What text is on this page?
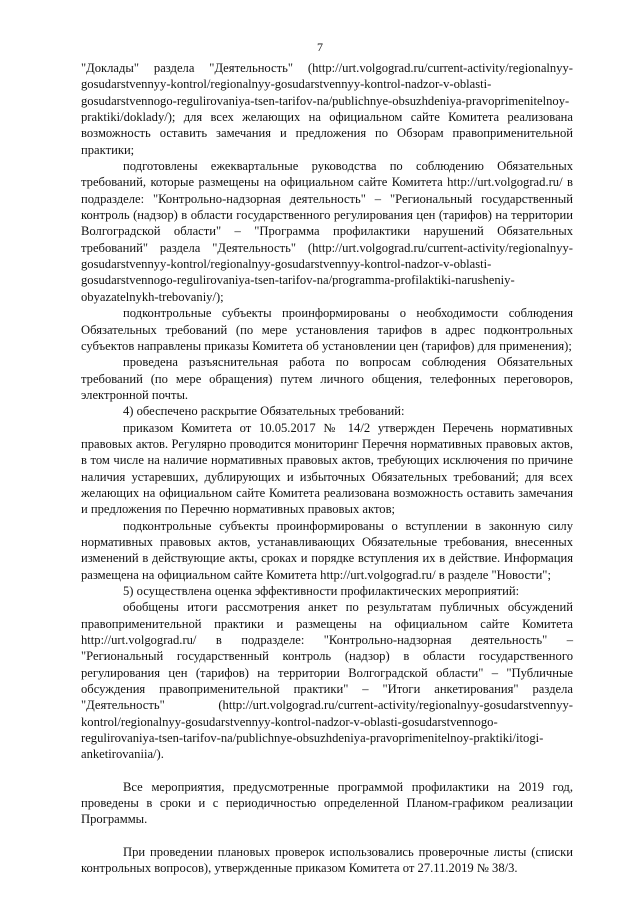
7

"Доклады" раздела "Деятельность" (http://urt.volgograd.ru/current-activity/regionalnyy-gosudarstvennyy-kontrol/regionalnyy-gosudarstvennyy-kontrol-nadzor-v-oblasti-gosudarstvennogo-regulirovaniya-tsen-tarifov-na/publichnye-obsuzhdeniya-pravoprimenitelnoy-praktiki/doklady/); для всех желающих на официальном сайте Комитета реализована возможность оставить замечания и предложения по Обзорам правоприменительной практики;

подготовлены ежеквартальные руководства по соблюдению Обязательных требований, которые размещены на официальном сайте Комитета http://urt.volgograd.ru/ в подразделе: "Контрольно-надзорная деятельность" – "Региональный государственный контроль (надзор) в области государственного регулирования цен (тарифов) на территории Волгоградской области" – "Программа профилактики нарушений Обязательных требований" раздела "Деятельность" (http://urt.volgograd.ru/current-activity/regionalnyy-gosudarstvennyy-kontrol/regionalnyy-gosudarstvennyy-kontrol-nadzor-v-oblasti-gosudarstvennogo-regulirovaniya-tsen-tarifov-na/programma-profilaktiki-narusheniy-obyazatelnykh-trebovaniy/);

подконтрольные субъекты проинформированы о необходимости соблюдения Обязательных требований (по мере установления тарифов в адрес подконтрольных субъектов направлены приказы Комитета об установлении цен (тарифов) для применения);

проведена разъяснительная работа по вопросам соблюдения Обязательных требований (по мере обращения) путем личного общения, телефонных переговоров, электронной почты.

4) обеспечено раскрытие Обязательных требований:

приказом Комитета от 10.05.2017 № 14/2 утвержден Перечень нормативных правовых актов. Регулярно проводится мониторинг Перечня нормативных правовых актов, в том числе на наличие нормативных правовых актов, требующих исключения по причине наличия устаревших, дублирующих и избыточных Обязательных требований; для всех желающих на официальном сайте Комитета реализована возможность оставить замечания и предложения по Перечню нормативных правовых актов;

подконтрольные субъекты проинформированы о вступлении в законную силу нормативных правовых актов, устанавливающих Обязательные требования, внесенных изменений в действующие акты, сроках и порядке вступления их в действие. Информация размещена на официальном сайте Комитета http://urt.volgograd.ru/ в разделе "Новости";

5) осуществлена оценка эффективности профилактических мероприятий:

обобщены итоги рассмотрения анкет по результатам публичных обсуждений правоприменительной практики и размещены на официальном сайте Комитета http://urt.volgograd.ru/ в подразделе: "Контрольно-надзорная деятельность" – "Региональный государственный контроль (надзор) в области государственного регулирования цен (тарифов) на территории Волгоградской области" – "Публичные обсуждения правоприменительной практики" – "Итоги анкетирования" раздела "Деятельность" (http://urt.volgograd.ru/current-activity/regionalnyy-gosudarstvennyy-kontrol/regionalnyy-gosudarstvennyy-kontrol-nadzor-v-oblasti-gosudarstvennogo-regulirovaniya-tsen-tarifov-na/publichnye-obsuzhdeniya-pravoprimenitelnoy-praktiki/itogi-anketirovaniia/).

Все мероприятия, предусмотренные программой профилактики на 2019 год, проведены в сроки и с периодичностью определенной Планом-графиком реализации Программы.

При проведении плановых проверок использовались проверочные листы (списки контрольных вопросов), утвержденные приказом Комитета от 27.11.2019 № 38/3.
